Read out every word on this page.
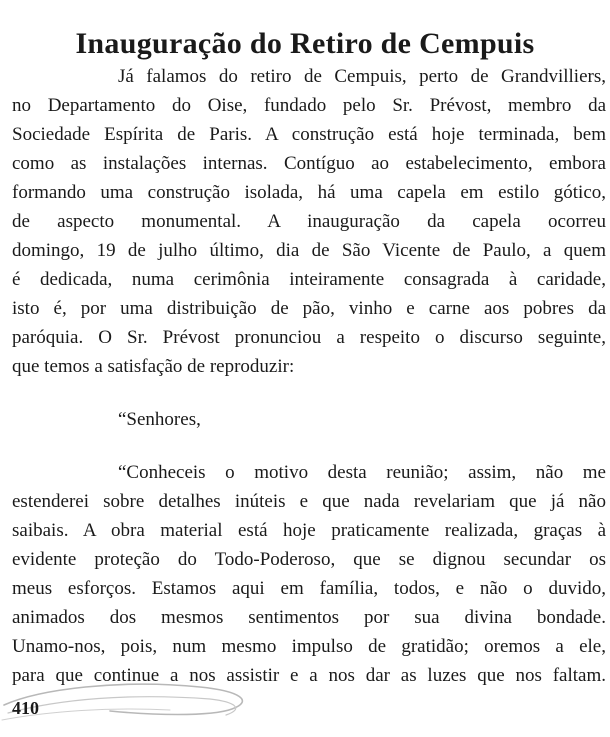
Inauguração do Retiro de Cempuis
Já falamos do retiro de Cempuis, perto de Grandvilliers,
no Departamento do Oise, fundado pelo Sr. Prévost, membro da
Sociedade Espírita de Paris. A construção está hoje terminada, bem
como as instalações internas. Contíguo ao estabelecimento, embora
formando uma construção isolada, há uma capela em estilo gótico,
de aspecto monumental. A inauguração da capela ocorreu
domingo, 19 de julho último, dia de São Vicente de Paulo, a quem
é dedicada, numa cerimônia inteiramente consagrada à caridade,
isto é, por uma distribuição de pão, vinho e carne aos pobres da
paróquia. O Sr. Prévost pronunciou a respeito o discurso seguinte,
que temos a satisfação de reproduzir:
“Senhores,
“Conheceis o motivo desta reunião; assim, não me
estenderei sobre detalhes inúteis e que nada revelariam que já não
saibais. A obra material está hoje praticamente realizada, graças à
evidente proteção do Todo-Poderoso, que se dignou secundar os
meus esforços. Estamos aqui em família, todos, e não o duvido,
animados dos mesmos sentimentos por sua divina bondade.
Unamo-nos, pois, num mesmo impulso de gratidão; oremos a ele,
para que continue a nos assistir e a nos dar as luzes que nos faltam.
410
